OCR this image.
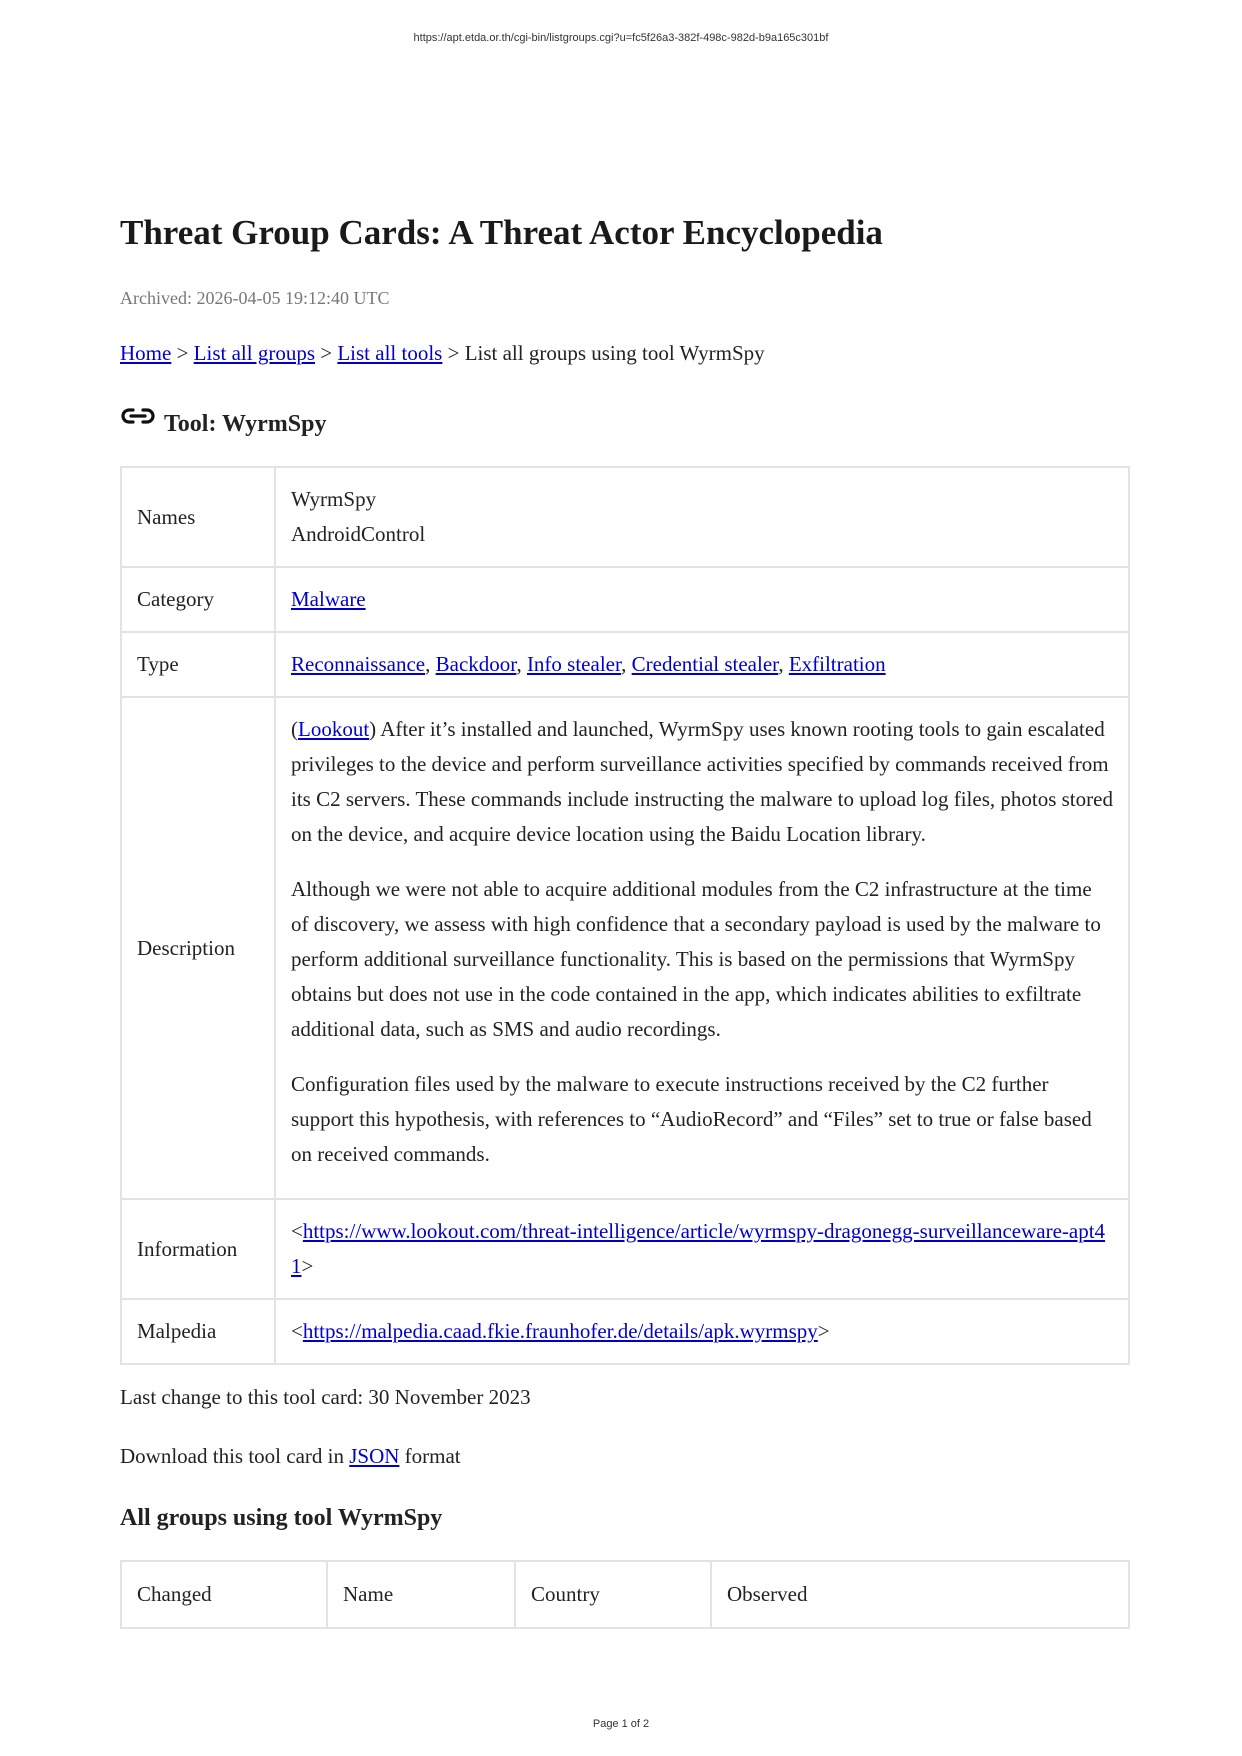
https://apt.etda.or.th/cgi-bin/listgroups.cgi?u=fc5f26a3-382f-498c-982d-b9a165c301bf
Threat Group Cards: A Threat Actor Encyclopedia
Archived: 2026-04-05 19:12:40 UTC
Home > List all groups > List all tools > List all groups using tool WyrmSpy
Tool: WyrmSpy
Names	WyrmSpy
AndroidControl

Category	Malware
Type	Reconnaissance, Backdoor, Info stealer, Credential stealer, Exfiltration
Description	(Lookout) After it’s installed and launched, WyrmSpy uses known rooting tools to gain escalated privileges to the device and perform surveillance activities specified by commands received from its C2 servers. These commands include instructing the malware to upload log files, photos stored on the device, and acquire device location using the Baidu Location library.

Although we were not able to acquire additional modules from the C2 infrastructure at the time of discovery, we assess with high confidence that a secondary payload is used by the malware to perform additional surveillance functionality. This is based on the permissions that WyrmSpy obtains but does not use in the code contained in the app, which indicates abilities to exfiltrate additional data, such as SMS and audio recordings.

Configuration files used by the malware to execute instructions received by the C2 further support this hypothesis, with references to “AudioRecord” and “Files” set to true or false based on received commands.

Information	<https://www.lookout.com/threat-intelligence/article/wyrmspy-dragonegg-surveillanceware-apt41>
Malpedia	<https://malpedia.caad.fkie.fraunhofer.de/details/apk.wyrmspy>
Last change to this tool card: 30 November 2023
Download this tool card in JSON format
All groups using tool WyrmSpy
Changed	Name	Country	Observed
Page 1 of 2
